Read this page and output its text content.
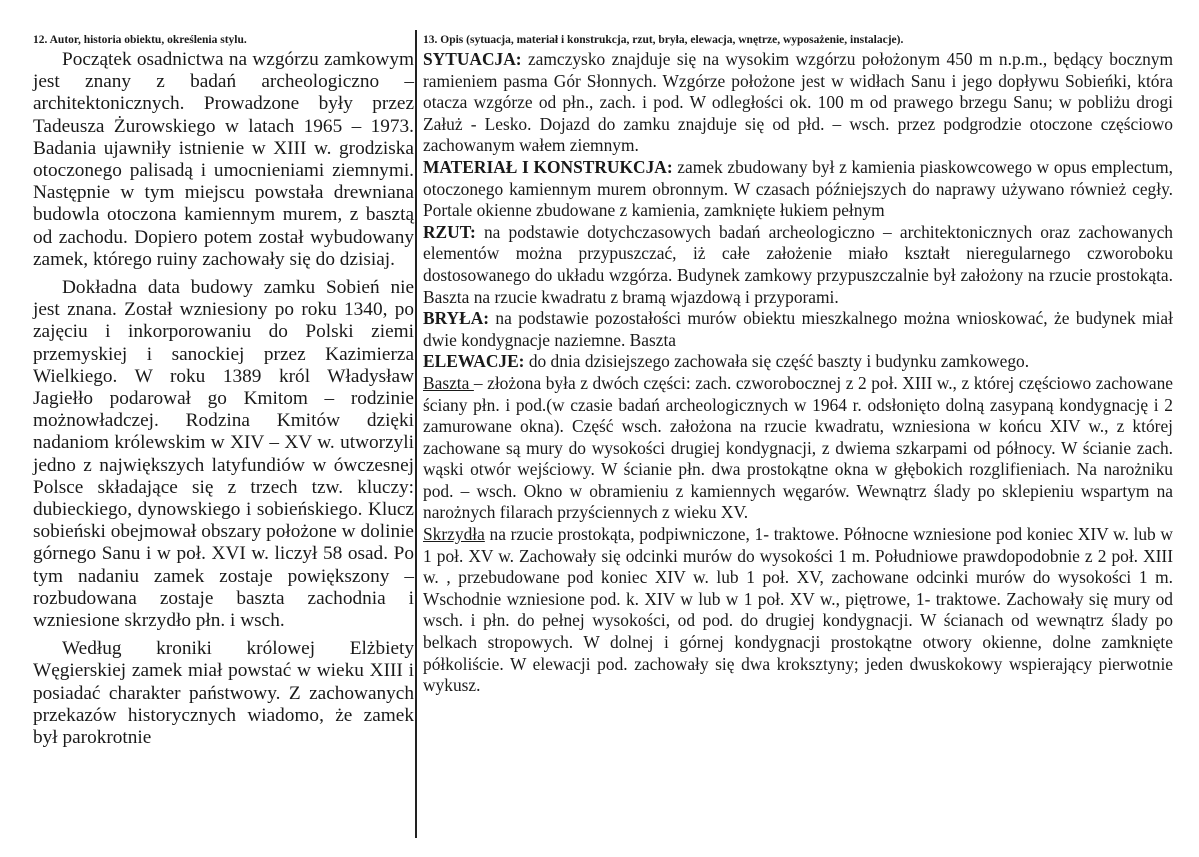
12. Autor, historia obiektu, określenia stylu.	13. Opis (sytuacja, materiał i konstrukcja, rzut, bryła, elewacja, wnętrze, wyposażenie, instalacje).

Początek osadnictwa na wzgórzu zamkowym jest znany z badań archeologiczno – architektonicznych. Prowadzone były przez Tadeusza Żurowskiego w latach 1965 – 1973. Badania ujawniły istnienie w XIII w. grodziska otoczonego palisadą i umocnieniami ziemnymi. Następnie w tym miejscu powstała drewniana budowla otoczona kamiennym murem, z basztą od zachodu. Dopiero potem został wybudowany zamek, którego ruiny zachowały się do dzisiaj.

Dokładna data budowy zamku Sobień nie jest znana. Został wzniesiony po roku 1340, po zajęciu i inkorporowaniu do Polski ziemi przemyskiej i sanockiej przez Kazimierza Wielkiego. W roku 1389 król Władysław Jagiełło podarował go Kmitom – rodzinie możnowładczej. Rodzina Kmitów dzięki nadaniom królewskim w XIV – XV w. utworzyli jedno z największych latyfundiów w ówczesnej Polsce składające się z trzech tzw. kluczy: dubieckiego, dynowskiego i sobieńskiego. Klucz sobieński obejmował obszary położone w dolinie górnego Sanu i w poł. XVI w. liczył 58 osad. Po tym nadaniu zamek zostaje powiększony – rozbudowana zostaje baszta zachodnia i wzniesione skrzydło płn. i wsch.

Według kroniki królowej Elżbiety Węgierskiej zamek miał powstać w wieku XIII i posiadać charakter państwowy. Z zachowanych przekazów historycznych wiadomo, że zamek był parokrotnie

SYTUACJA: zamczysko znajduje się na wysokim wzgórzu położonym 450 m n.p.m., będący bocznym ramieniem pasma Gór Słonnych. Wzgórze położone jest w widłach Sanu i jego dopływu Sobieńki, która otacza wzgórze od płn., zach. i pod. W odległości ok. 100 m od prawego brzegu Sanu; w pobliżu drogi Załuż - Lesko. Dojazd do zamku znajduje się od płd. – wsch. przez podgrodzie otoczone częściowo zachowanym wałem ziemnym.

MATERIAŁ I KONSTRUKCJA: zamek zbudowany był z kamienia piaskowcowego w opus emplectum, otoczonego kamiennym murem obronnym. W czasach późniejszych do naprawy używano również cegły. Portale okienne zbudowane z kamienia, zamknięte łukiem pełnym

RZUT: na podstawie dotychczasowych badań archeologiczno – architektonicznych oraz zachowanych elementów można przypuszczać, iż całe założenie miało kształt nieregularnego czworoboku dostosowanego do układu wzgórza. Budynek zamkowy przypuszczalnie był założony na rzucie prostokąta. Baszta na rzucie kwadratu z bramą wjazdową i przyporami.

BRYŁA: na podstawie pozostałości murów obiektu mieszkalnego można wnioskować, że budynek miał dwie kondygnacje naziemne. Baszta

ELEWACJE: do dnia dzisiejszego zachowała się część baszty i budynku zamkowego.

Baszta – złożona była z dwóch części: zach. czworobocznej z 2 poł. XIII w., z której częściowo zachowane ściany płn. i pod.(w czasie badań archeologicznych w 1964 r. odsłonięto dolną zasypaną kondygnację i 2 zamurowane okna). Część wsch. założona na rzucie kwadratu, wzniesiona w końcu XIV w., z której zachowane są mury do wysokości drugiej kondygnacji, z dwiema szkarpami od północy. W ścianie zach. wąski otwór wejściowy. W ścianie płn. dwa prostokątne okna w głębokich rozglifieniach. Na narożniku pod. – wsch. Okno w obramieniu z kamiennych węgarów. Wewnątrz ślady po sklepieniu wspartym na narożnych filarach przyściennych z wieku XV.

Skrzydła na rzucie prostokąta, podpiwniczone, 1- traktowe. Północne wzniesione pod koniec XIV w. lub w 1 poł. XV w. Zachowały się odcinki murów do wysokości 1 m. Południowe prawdopodobnie z 2 poł. XIII w. , przebudowane pod koniec XIV w. lub 1 poł. XV, zachowane odcinki murów do wysokości 1 m. Wschodnie wzniesione pod. k. XIV w lub w 1 poł. XV w., piętrowe, 1- traktowe. Zachowały się mury od wsch. i płn. do pełnej wysokości, od pod. do drugiej kondygnacji. W ścianach od wewnątrz ślady po belkach stropowych. W dolnej i górnej kondygnacji prostokątne otwory okienne, dolne zamknięte półkoliście. W elewacji pod. zachowały się dwa kroksztyny; jeden dwuskokowy wspierający pierwotnie wykusz.
